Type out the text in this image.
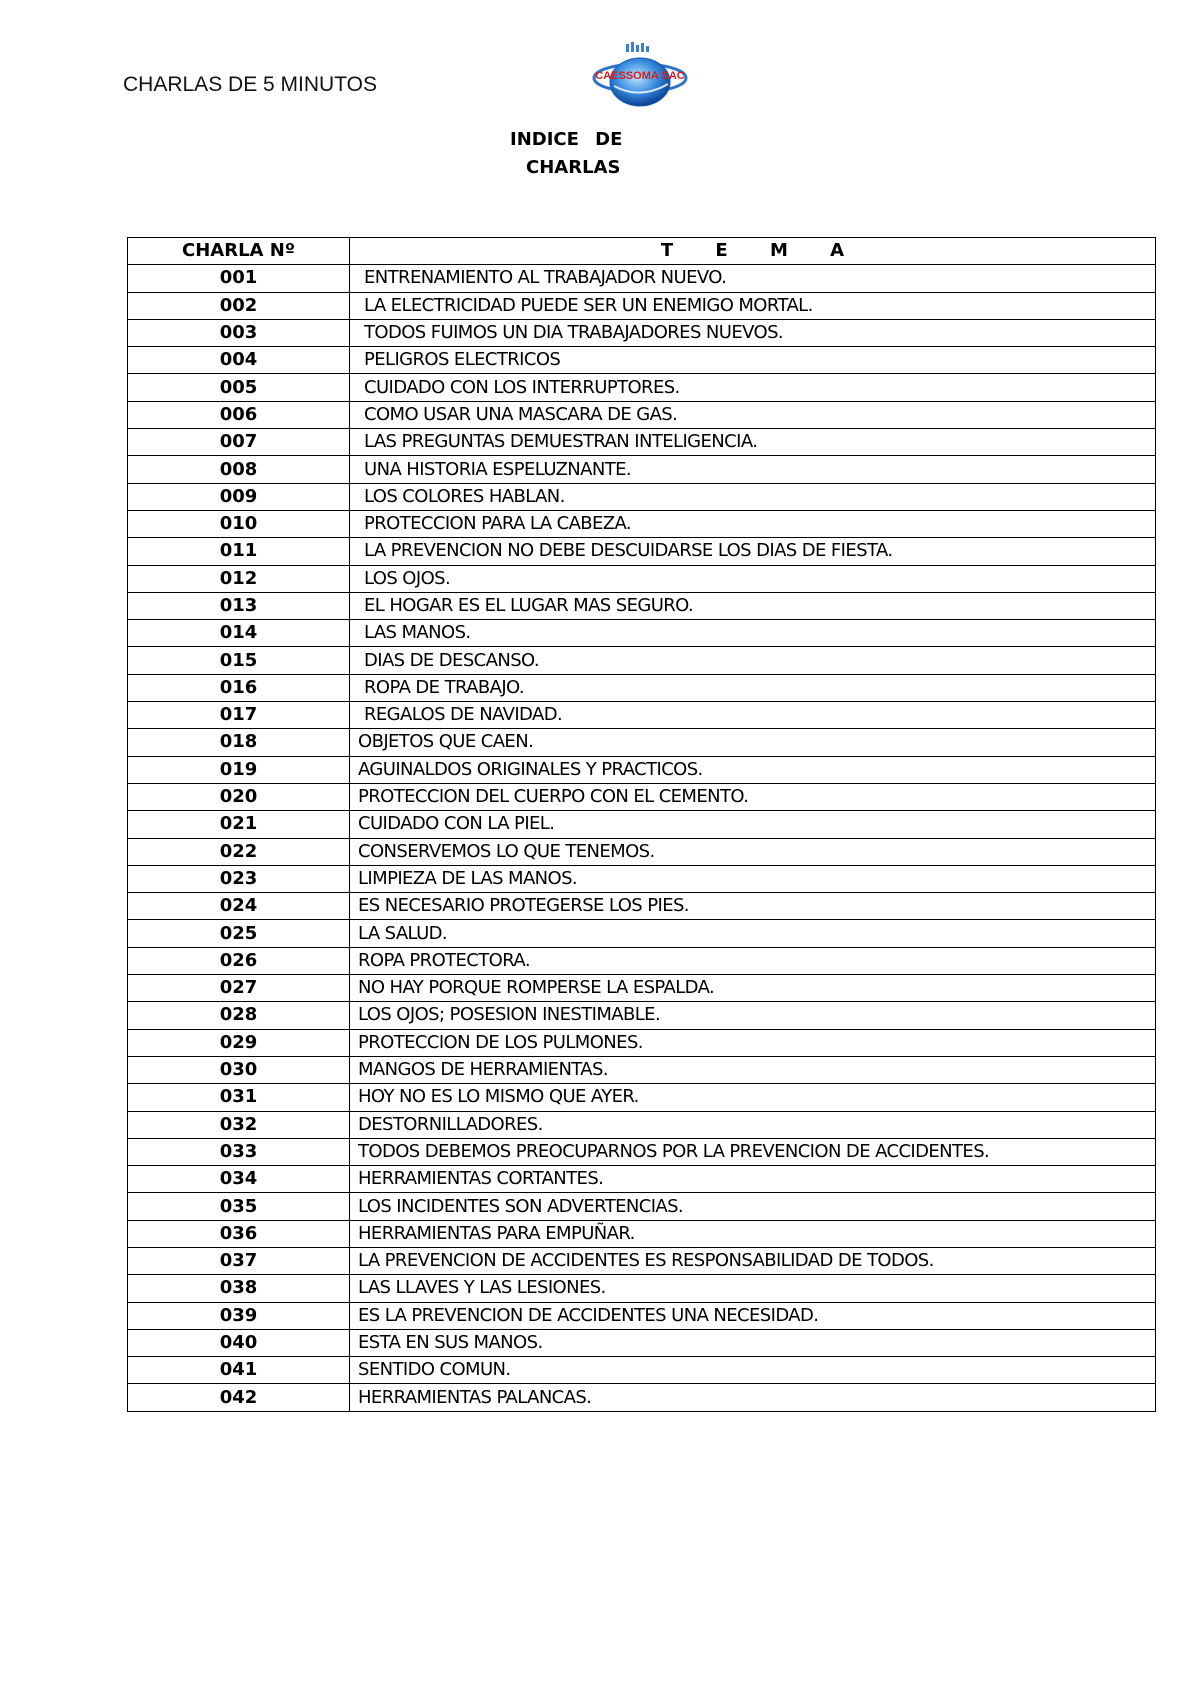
CHARLAS DE 5 MINUTOS	CAESSOMA SAC
INDICE DE
CHARLAS
CHARLA Nº	T E M A
001	ENTRENAMIENTO AL TRABAJADOR NUEVO.
002	LA ELECTRICIDAD PUEDE SER UN ENEMIGO MORTAL.
003	TODOS FUIMOS UN DIA TRABAJADORES NUEVOS.
004	PELIGROS ELECTRICOS
005	CUIDADO CON LOS INTERRUPTORES.
006	COMO USAR UNA MASCARA DE GAS.
007	LAS PREGUNTAS DEMUESTRAN INTELIGENCIA.
008	UNA HISTORIA ESPELUZNANTE.
009	LOS COLORES HABLAN.
010	PROTECCION PARA LA CABEZA.
011	LA PREVENCION NO DEBE DESCUIDARSE LOS DIAS DE FIESTA.
012	LOS OJOS.
013	EL HOGAR ES EL LUGAR MAS SEGURO.
014	LAS MANOS.
015	DIAS DE DESCANSO.
016	ROPA DE TRABAJO.
017	REGALOS DE NAVIDAD.
018	OBJETOS QUE CAEN.
019	AGUINALDOS ORIGINALES Y PRACTICOS.
020	PROTECCION DEL CUERPO CON EL CEMENTO.
021	CUIDADO CON LA PIEL.
022	CONSERVEMOS LO QUE TENEMOS.
023	LIMPIEZA DE LAS MANOS.
024	ES NECESARIO PROTEGERSE LOS PIES.
025	LA SALUD.
026	ROPA PROTECTORA.
027	NO HAY PORQUE ROMPERSE LA ESPALDA.
028	LOS OJOS; POSESION INESTIMABLE.
029	PROTECCION DE LOS PULMONES.
030	MANGOS DE HERRAMIENTAS.
031	HOY NO ES LO MISMO QUE AYER.
032	DESTORNILLADORES.
033	TODOS DEBEMOS PREOCUPARNOS POR LA PREVENCION DE ACCIDENTES.
034	HERRAMIENTAS CORTANTES.
035	LOS INCIDENTES SON ADVERTENCIAS.
036	HERRAMIENTAS PARA EMPUÑAR.
037	LA PREVENCION DE ACCIDENTES ES RESPONSABILIDAD DE TODOS.
038	LAS LLAVES Y LAS LESIONES.
039	ES LA PREVENCION DE ACCIDENTES UNA NECESIDAD.
040	ESTA EN SUS MANOS.
041	SENTIDO COMUN.
042	HERRAMIENTAS PALANCAS.
